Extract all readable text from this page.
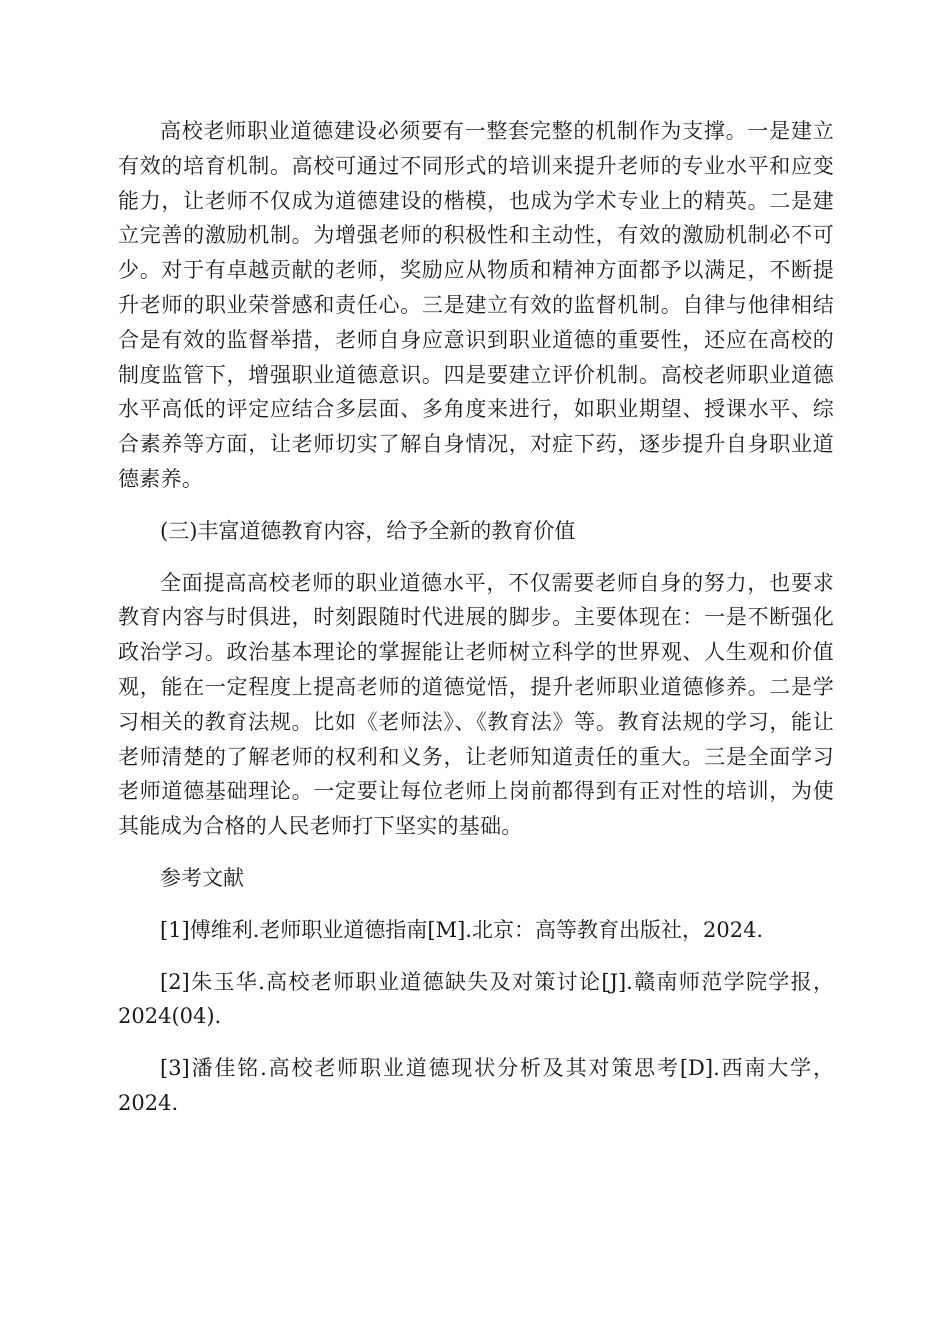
高校老师职业道德建设必须要有一整套完整的机制作为支撑。一是建立有效的培育机制。高校可通过不同形式的培训来提升老师的专业水平和应变能力，让老师不仅成为道德建设的楷模，也成为学术专业上的精英。二是建立完善的激励机制。为增强老师的积极性和主动性，有效的激励机制必不可少。对于有卓越贡献的老师，奖励应从物质和精神方面都予以满足，不断提升老师的职业荣誉感和责任心。三是建立有效的监督机制。自律与他律相结合是有效的监督举措，老师自身应意识到职业道德的重要性，还应在高校的制度监管下，增强职业道德意识。四是要建立评价机制。高校老师职业道德水平高低的评定应结合多层面、多角度来进行，如职业期望、授课水平、综合素养等方面，让老师切实了解自身情况，对症下药，逐步提升自身职业道德素养。

(三)丰富道德教育内容，给予全新的教育价值

全面提高高校老师的职业道德水平，不仅需要老师自身的努力，也要求教育内容与时俱进，时刻跟随时代进展的脚步。主要体现在：一是不断强化政治学习。政治基本理论的掌握能让老师树立科学的世界观、人生观和价值观，能在一定程度上提高老师的道德觉悟，提升老师职业道德修养。二是学习相关的教育法规。比如《老师法》、《教育法》等。教育法规的学习，能让老师清楚的了解老师的权利和义务，让老师知道责任的重大。三是全面学习老师道德基础理论。一定要让每位老师上岗前都得到有正对性的培训，为使其能成为合格的人民老师打下坚实的基础。

参考文献

[1]傅维利.老师职业道德指南[M].北京：高等教育出版社，2024.

[2]朱玉华.高校老师职业道德缺失及对策讨论[J].赣南师范学院学报，2024(04).

[3]潘佳铭.高校老师职业道德现状分析及其对策思考[D].西南大学，2024.
